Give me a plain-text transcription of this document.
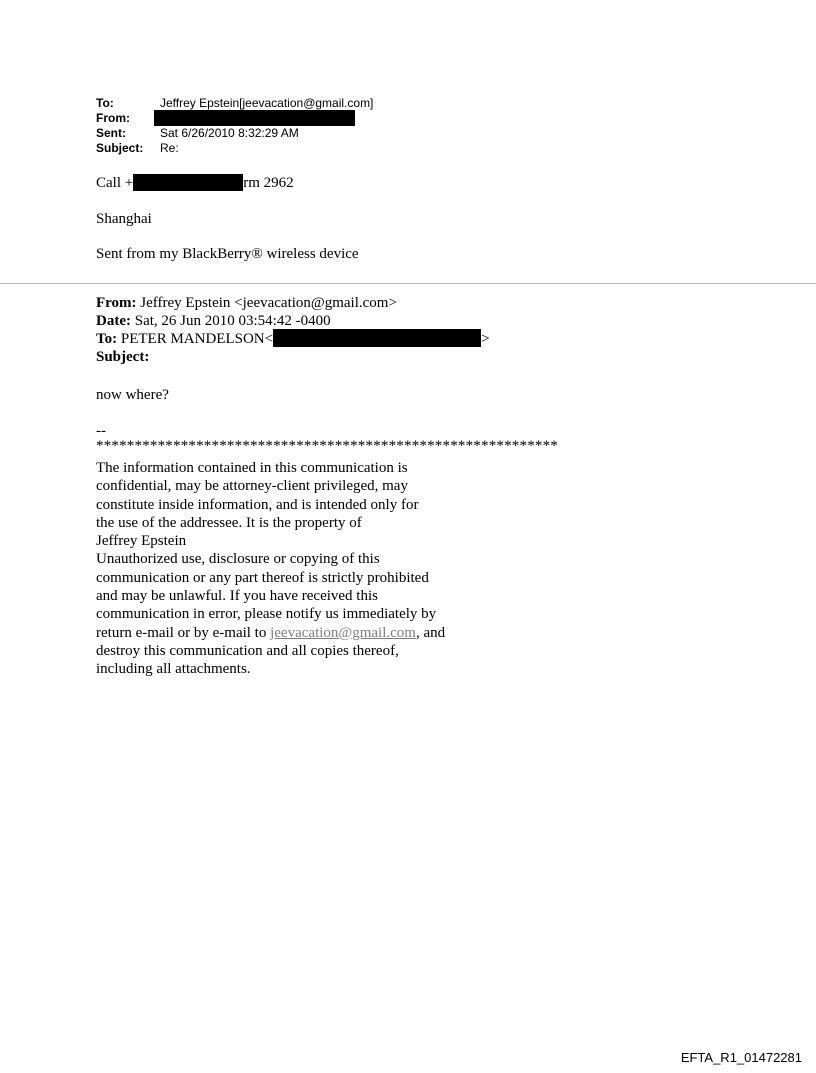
To:	Jeffrey Epstein[jeevacation@gmail.com]
From:
Sent:	Sat 6/26/2010 8:32:29 AM
Subject: Re:
Call +	rm 2962
Shanghai
Sent from my BlackBerry® wireless device
From: Jeffrey Epstein <jeevacation@gmail.com>
Date: Sat, 26 Jun 2010 03:54:42 -0400
To: PETER MANDELSON<	>
Subject:
now where?
--
************************************************************
The information contained in this communication is
confidential, may be attorney-client privileged, may
constitute inside information, and is intended only for
the use of the addressee. It is the property of
Jeffrey Epstein
Unauthorized use, disclosure or copying of this
communication or any part thereof is strictly prohibited
and may be unlawful. If you have received this
communication in error, please notify us immediately by
return e-mail or by e-mail to jeevacation@gmail.com, and
destroy this communication and all copies thereof,
including all attachments.
EFTA_R1_01472281
